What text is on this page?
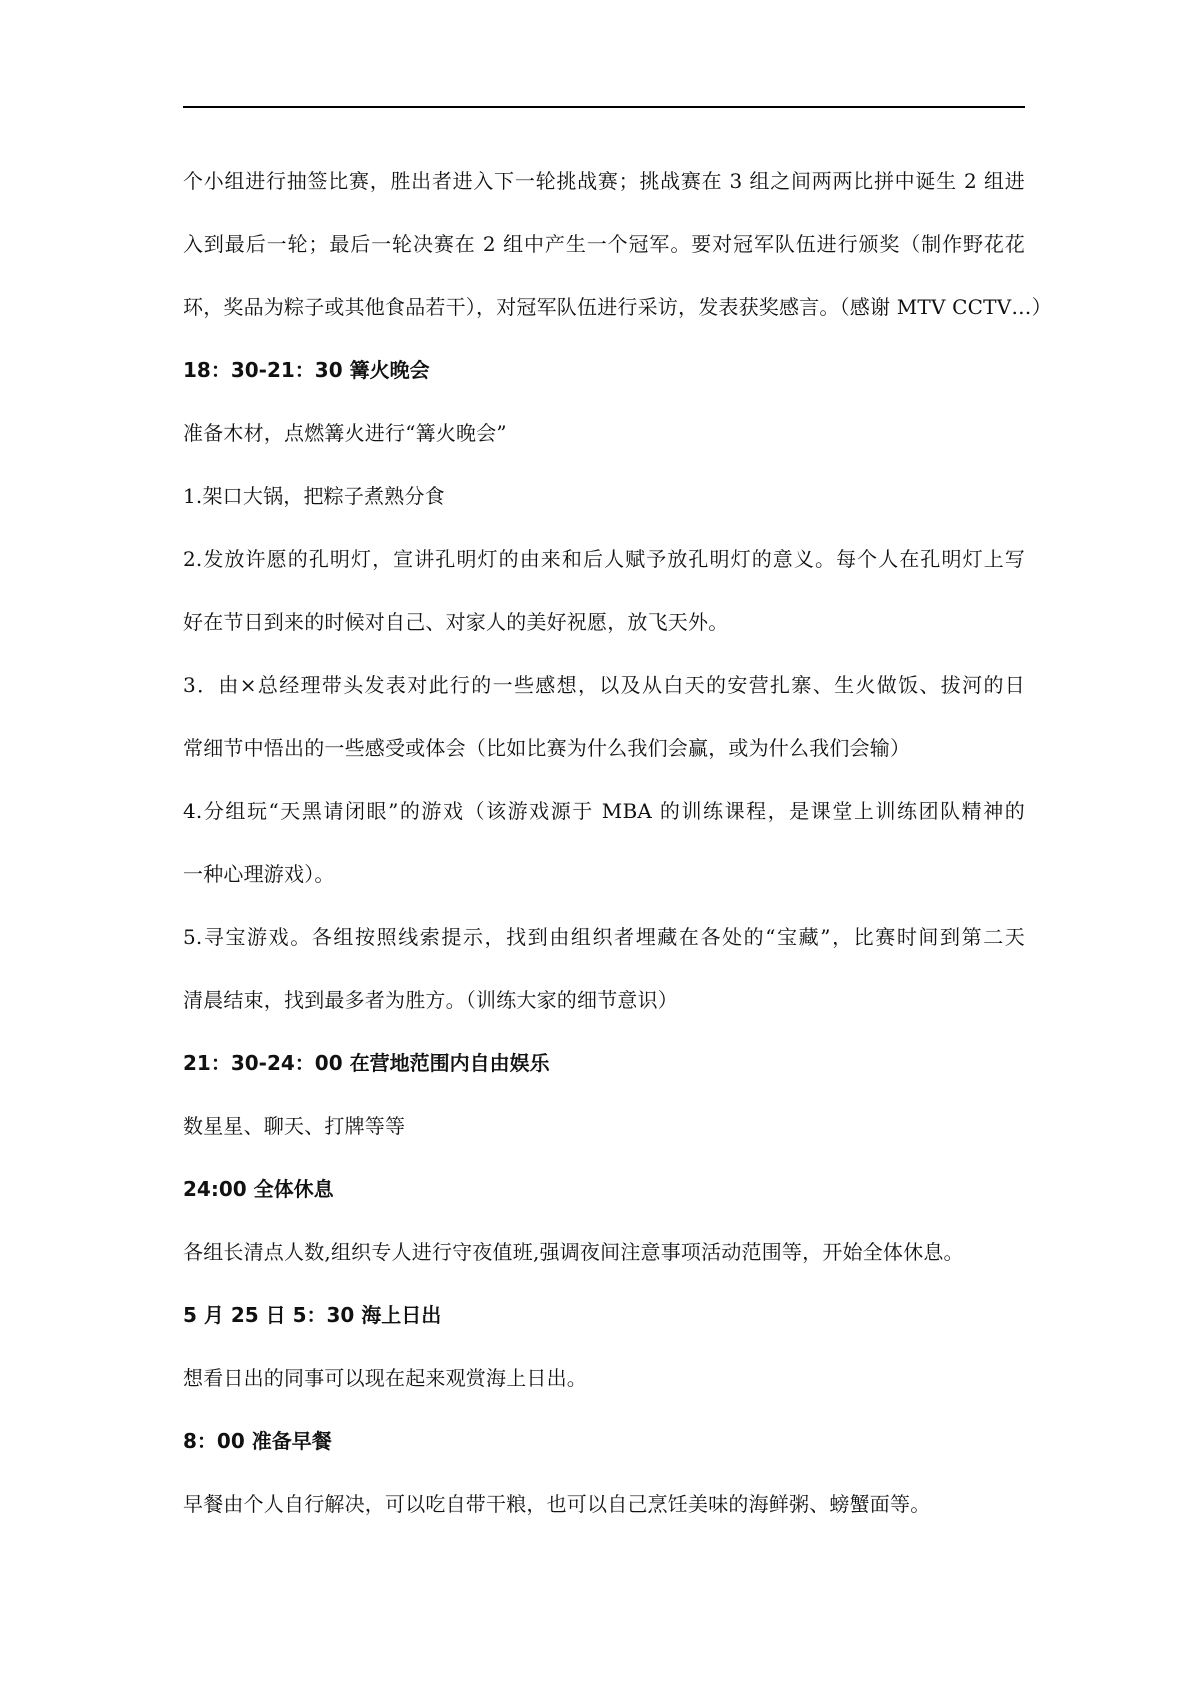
个小组进行抽签比赛，胜出者进入下一轮挑战赛；挑战赛在 3 组之间两两比拼中诞生 2 组进
入到最后一轮；最后一轮决赛在 2 组中产生一个冠军。要对冠军队伍进行颁奖（制作野花花
环，奖品为粽子或其他食品若干），对冠军队伍进行采访，发表获奖感言。（感谢 MTV CCTV…）
18：30-21：30 篝火晚会
准备木材，点燃篝火进行“篝火晚会”
1.架口大锅，把粽子煮熟分食
2.发放许愿的孔明灯，宣讲孔明灯的由来和后人赋予放孔明灯的意义。每个人在孔明灯上写
好在节日到来的时候对自己、对家人的美好祝愿，放飞天外。
3．由×总经理带头发表对此行的一些感想，以及从白天的安营扎寨、生火做饭、拔河的日
常细节中悟出的一些感受或体会（比如比赛为什么我们会赢，或为什么我们会输）
4.分组玩“天黑请闭眼”的游戏（该游戏源于 MBA 的训练课程，是课堂上训练团队精神的
一种心理游戏）。
5.寻宝游戏。各组按照线索提示，找到由组织者埋藏在各处的“宝藏”，比赛时间到第二天
清晨结束，找到最多者为胜方。（训练大家的细节意识）
21：30-24：00 在营地范围内自由娱乐
数星星、聊天、打牌等等
24:00 全体休息
各组长清点人数,组织专人进行守夜值班,强调夜间注意事项活动范围等，开始全体休息。
5 月 25 日 5：30 海上日出
想看日出的同事可以现在起来观赏海上日出。
8：00 准备早餐
早餐由个人自行解决，可以吃自带干粮，也可以自己烹饪美味的海鲜粥、螃蟹面等。
